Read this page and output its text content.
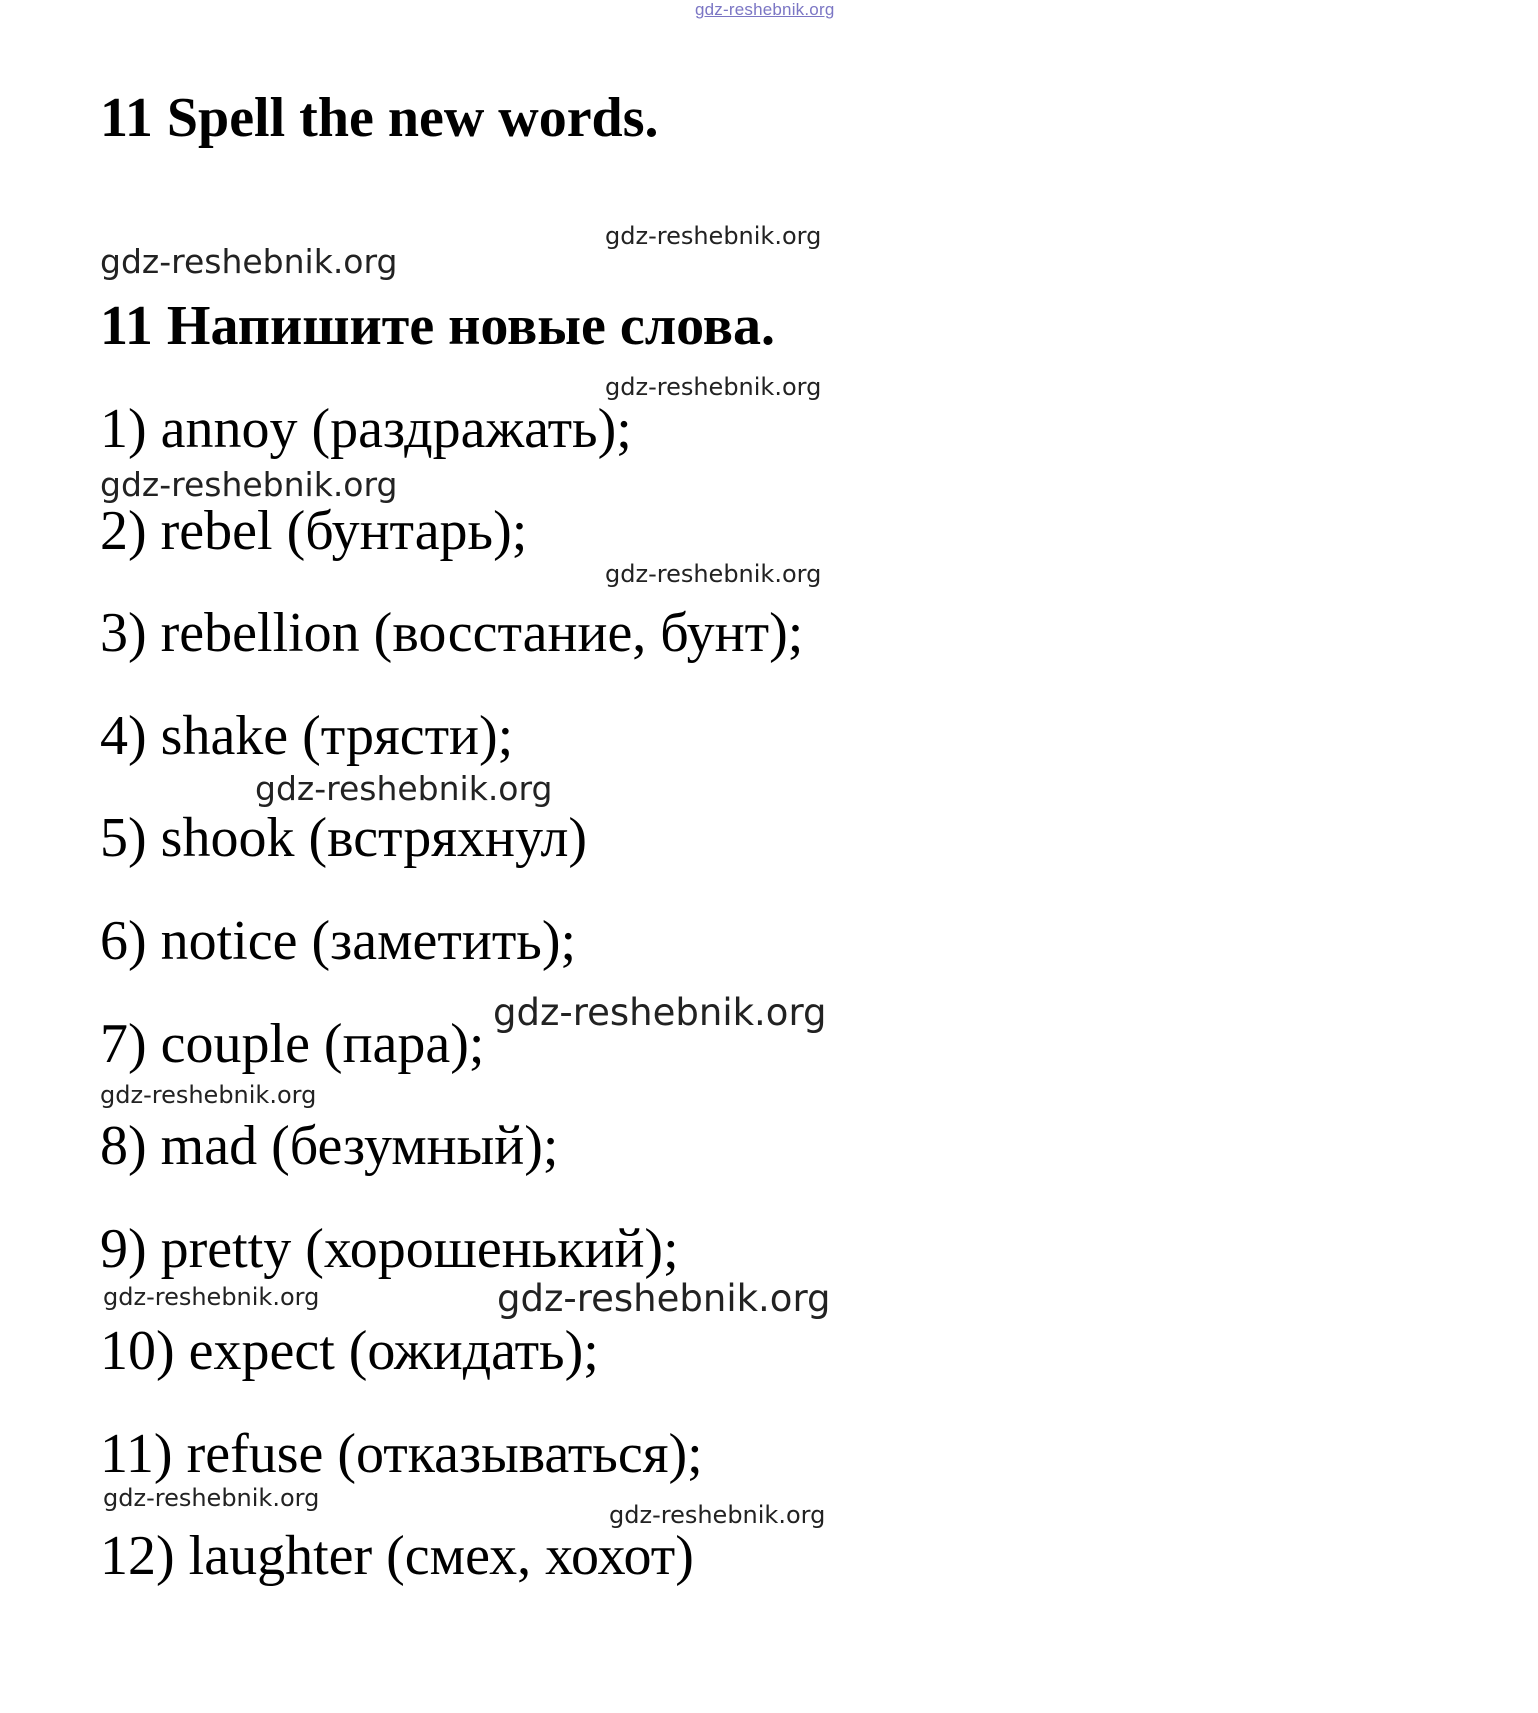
gdz-reshebnik.org
11 Spell the new words.
gdz-reshebnik.org
gdz-reshebnik.org
11 Напишите новые слова.
gdz-reshebnik.org
1) annoy (раздражать);
gdz-reshebnik.org
2) rebel (бунтарь);
gdz-reshebnik.org
3) rebellion (восстание, бунт);
4) shake (трясти);
gdz-reshebnik.org
5) shook (встряхнул)
6) notice (заметить);
gdz-reshebnik.org
7) couple (пара);
gdz-reshebnik.org
8) mad (безумный);
9) pretty (хорошенький);
gdz-reshebnik.org	gdz-reshebnik.org
10) expect (ожидать);
11) refuse (отказываться);
gdz-reshebnik.org
gdz-reshebnik.org
12) laughter (смех, хохот)
